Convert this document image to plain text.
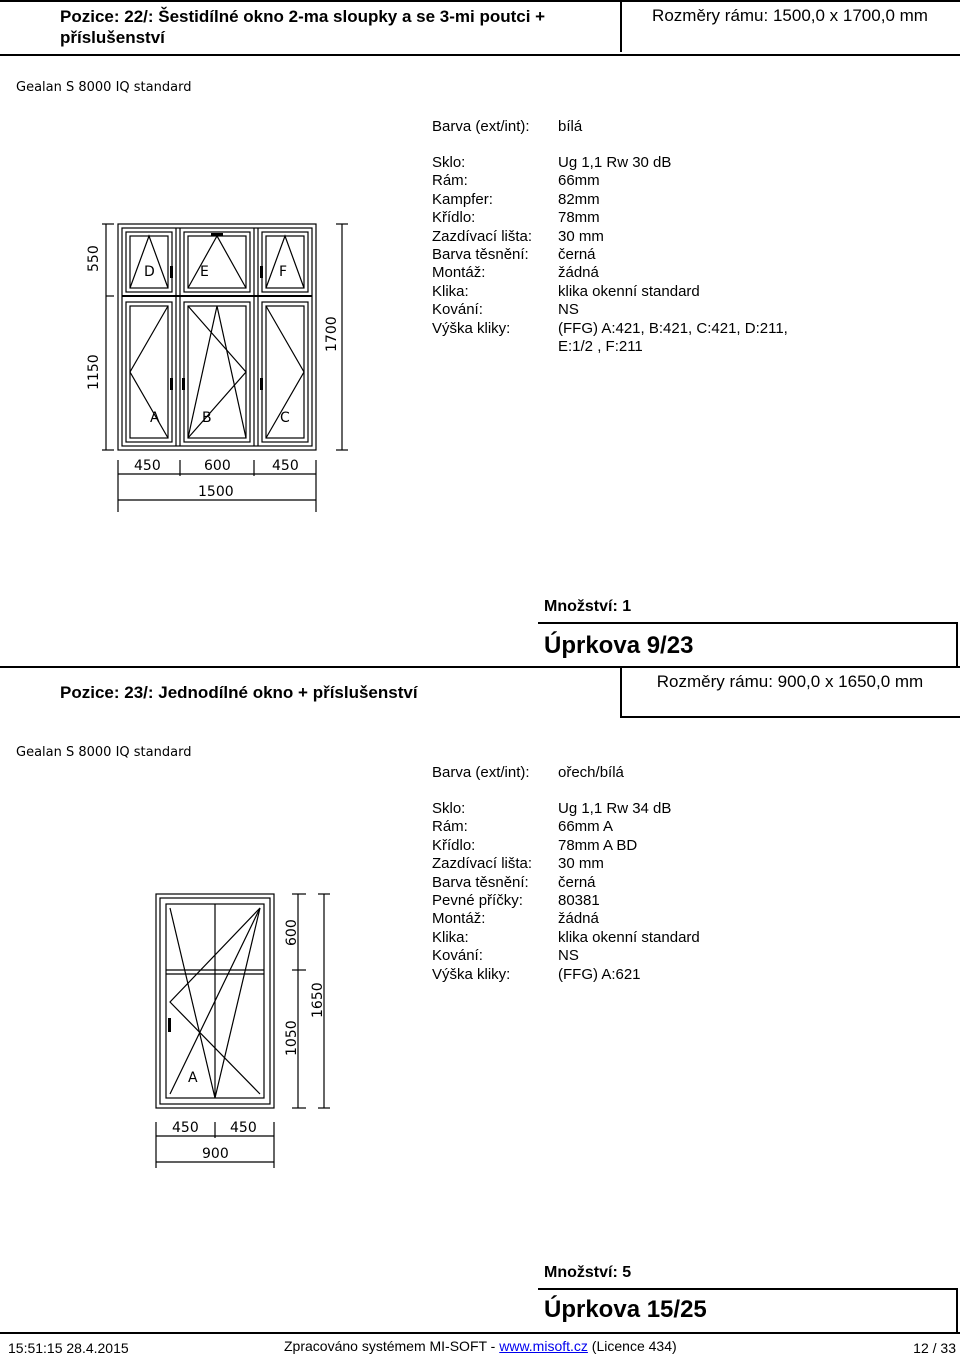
Pozice: 22/: Šestidílné okno 2-ma sloupky a se 3-mi poutci + příslušenství
Rozměry rámu: 1500,0 x 1700,0 mm
Gealan S 8000 IQ standard
Barva (ext/int): bílá
Sklo:	Ug 1,1 Rw 30 dB
Rám:	66mm
Kampfer:	82mm
Křídlo:	78mm
Zazdívací lišta: 30 mm
Barva těsnění: černá
Montáž:	žádná
Klika:	klika okenní standard
Kování:	NS
Výška kliky:	(FFG) A:421, B:421, C:421, D:211,
E:1/2 , F:211
550
1150
1700
450	600	450
1500
D	E	F
A	B	C
Množství: 1
Úprkova 9/23
Pozice: 23/: Jednodílné okno + příslušenství
Rozměry rámu: 900,0 x 1650,0 mm
Gealan S 8000 IQ standard
Barva (ext/int): ořech/bílá
Sklo:	Ug 1,1 Rw 34 dB
Rám:	66mm A
Křídlo:	78mm A BD
Zazdívací lišta: 30 mm
Barva těsnění: černá
Pevné příčky: 80381
Montáž:	žádná
Klika:	klika okenní standard
Kování:	NS
Výška kliky:	(FFG) A:621
600
1050
1650
450 450
900
A
Množství: 5
Úprkova 15/25
15:51:15 28.4.2015	Zpracováno systémem MI-SOFT - www.misoft.cz (Licence 434)	12 / 33
